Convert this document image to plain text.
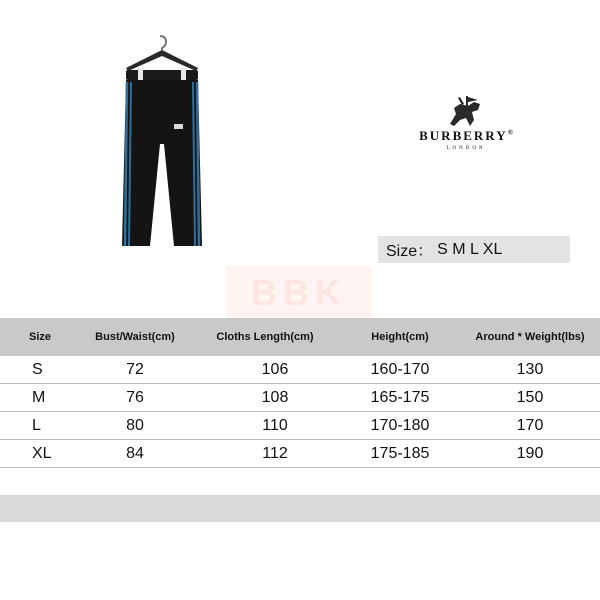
BURBERRY®
LONDON
Size： S M L XL
BBK
Size	Bust/Waist(cm)	Cloths Length(cm)	Height(cm)	Around * Weight(lbs)
S	72	106	160-170	130
M	76	108	165-175	150
L	80	110	170-180	170
XL	84	112	175-185	190
